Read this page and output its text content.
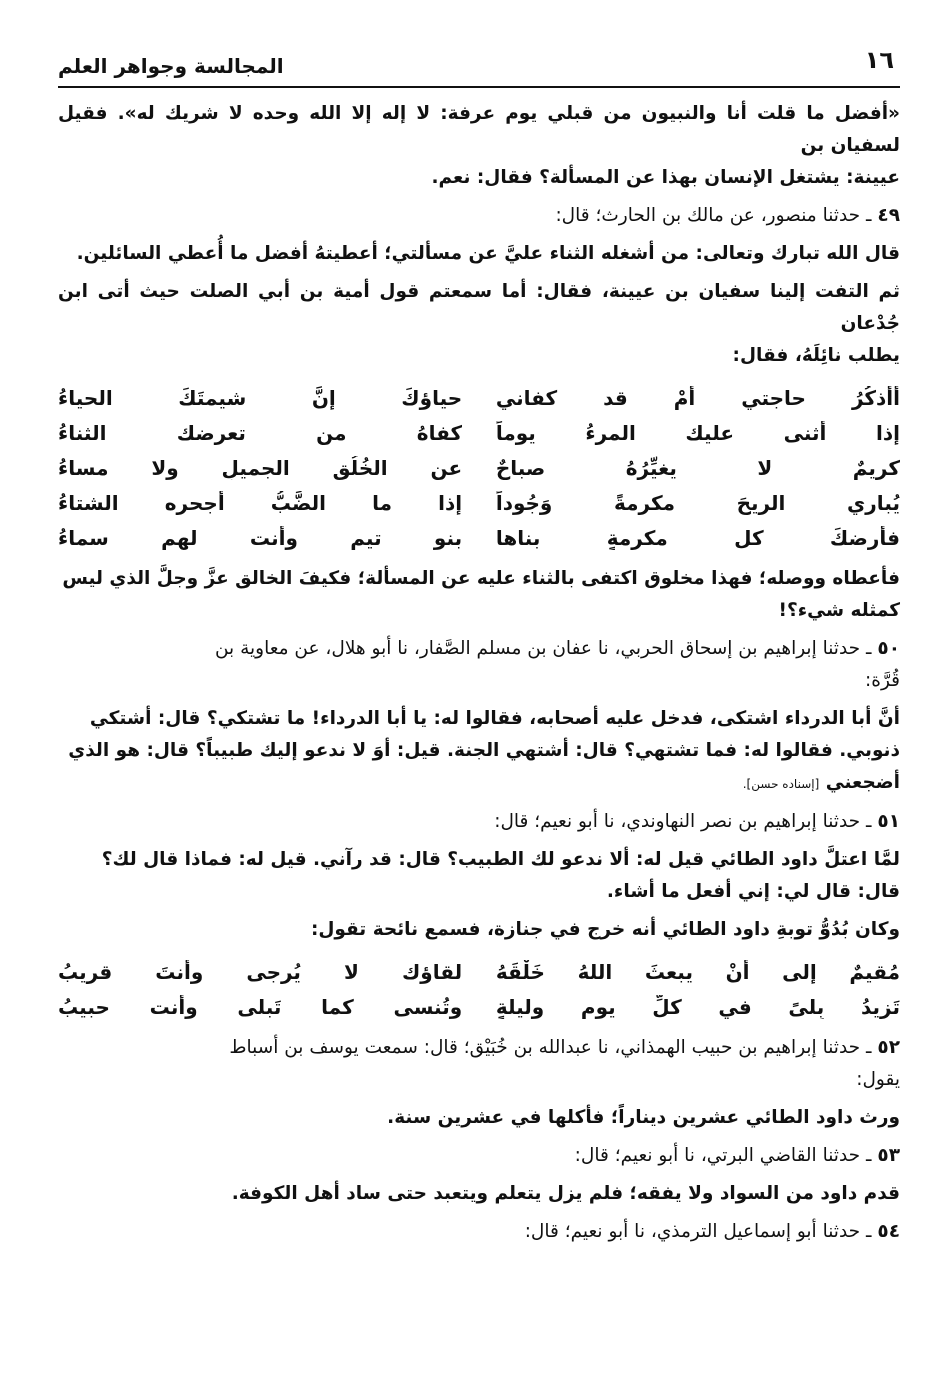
١٦
المجالسة وجواهر العلم

«أفضل ما قلت أنا والنبيون من قبلي يوم عرفة: لا إله إلا الله وحده لا شريك له». فقيل لسفيان بن

عيينة: يشتغل الإنسان بهذا عن المسألة؟ فقال: نعم.

٤٩ـ حدثنا منصور، عن مالك بن الحارث؛ قال:

قال الله تبارك وتعالى: من أشغله الثناء عليَّ عن مسألتي؛ أعطيتهُ أفضل ما أُعطي السائلين.

ثم التفت إلينا سفيان بن عيينة، فقال: أما سمعتم قول أمية بن أبي الصلت حيث أتى ابن جُدْعان

يطلب نائِلَهُ، فقال:

أأذكُرُ حاجتي أمْ قد كفاني
حياؤكَ إنَّ شيمتَكَ الحياءُ
إذا أثنى عليك المرءُ يوماً
كفاهُ من تعرضك الثناءُ
كريمٌ لا يغيِّرُهُ صباحٌ
عن الخُلُقِ الجميلِ ولا مساءُ
يُباري الريحَ مكرمةً وَجُوداً
إذا ما الضَّبُّ أجحره الشتاءُ
فأرضكَ كل مكرمةٍ بناها
بنو تيمٍ وأنت لهم سماءُ

فأعطاه ووصله؛ فهذا مخلوق اكتفى بالثناء عليه عن المسألة؛ فكيفَ الخالق عزَّ وجلَّ الذي ليس

كمثله شيء؟!

٥٠ـ حدثنا إبراهيم بن إسحاق الحربي، نا عفان بن مسلم الصَّفار، نا أبو هلال، عن معاوية بن

قُرَّة:

أنَّ أبا الدرداء اشتكى، فدخل عليه أصحابه، فقالوا له: يا أبا الدرداء! ما تشتكي؟ قال: أشتكي

ذنوبي. فقالوا له: فما تشتهي؟ قال: أشتهي الجنة. قيل: أوَ لا ندعو إليك طبيباً؟ قال: هو الذي

أضجعني [إسناده حسن].

٥١ـ حدثنا إبراهيم بن نصر النهاوندي، نا أبو نعيم؛ قال:

لمَّا اعتلَّ داود الطائي قيل له: ألا ندعو لك الطبيب؟ قال: قد رآني. قيل له: فماذا قال لك؟

قال: قال لي: إني أفعل ما أشاء.

وكان بُدُوُّ توبةِ داود الطائي أنه خرج في جنازة، فسمع نائحة تقول:

مُقيمٌ إلى أنْ يبعثَ اللهُ خَلْقَهُ
لقاؤك لا يُرجى وأنتَ قريبُ
تَزيدُ بِلىً في كلِّ يومٍ وليلةٍ
وتُنسى كما تَبلى وأنت حبيبُ

٥٢ـ حدثنا إبراهيم بن حبيب الهمذاني، نا عبدالله بن خُبَيْق؛ قال: سمعت يوسف بن أسباط

يقول:

ورث داود الطائي عشرين ديناراً؛ فأكلها في عشرين سنة.

٥٣ـ حدثنا القاضي البرتي، نا أبو نعيم؛ قال:

قدم داود من السواد ولا يفقه؛ فلم يزل يتعلم ويتعبد حتى ساد أهل الكوفة.

٥٤ـ حدثنا أبو إسماعيل الترمذي، نا أبو نعيم؛ قال:
